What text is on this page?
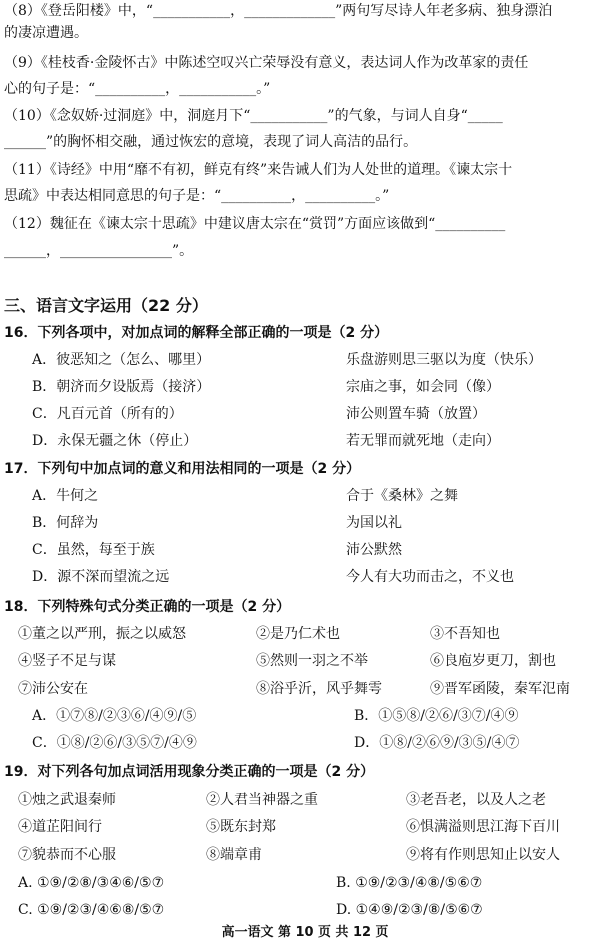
（8）《登岳阳楼》中，“___________，_____________”两句写尽诗人年老多病、独身漂泊
的凄凉遭遇。
（9）《桂枝香·金陵怀古》中陈述空叹兴亡荣辱没有意义，表达词人作为改革家的责任
心的句子是：“__________，___________。”
（10）《念奴娇·过洞庭》中，洞庭月下“___________”的气象，与词人自身“_____
______”的胸怀相交融，通过恢宏的意境，表现了词人高洁的品行。
（11）《诗经》中用“靡不有初，鲜克有终”来告诫人们为人处世的道理。《谏太宗十
思疏》中表达相同意思的句子是：“__________，__________。”
（12）魏征在《谏太宗十思疏》中建议唐太宗在“赏罚”方面应该做到“__________
______，________________”。
三、语言文字运用（22 分）
16．下列各项中，对加点词的解释全部正确的一项是（2 分）
A．彼恶知之（怎么、哪里）	乐盘游则思三驱以为度（快乐）
B．朝济而夕设版焉（接济）	宗庙之事，如会同（像）
C．凡百元首（所有的）	沛公则置车骑（放置）
D．永保无疆之休（停止）	若无罪而就死地（走向）
17．下列句中加点词的意义和用法相同的一项是（2 分）
A．牛何之	合于《桑林》之舞
B．何辞为	为国以礼
C．虽然，每至于族	沛公默然
D．源不深而望流之远	今人有大功而击之，不义也
18．下列特殊句式分类正确的一项是（2 分）
①董之以严刑，振之以威怒	②是乃仁术也	③不吾知也
④竖子不足与谋	⑤然则一羽之不举	⑥良庖岁更刀，割也
⑦沛公安在	⑧浴乎沂，风乎舞雩	⑨晋军函陵，秦军氾南
A．①⑦⑧/②③⑥/④⑨/⑤	B．①⑤⑧/②⑥/③⑦/④⑨
C．①⑧/②⑥/③⑤⑦/④⑨	D．①⑧/②⑥⑨/③⑤/④⑦
19．对下列各句加点词活用现象分类正确的一项是（2 分）
①烛之武退秦师	②人君当神器之重	③老吾老，以及人之老
④道芷阳间行	⑤既东封郑	⑥惧满溢则思江海下百川
⑦貌恭而不心服	⑧端章甫	⑨将有作则思知止以安人
A. ①⑨/②⑧/③④⑥/⑤⑦	B. ①⑨/②③/④⑧/⑤⑥⑦
C. ①⑨/②③/④⑥⑧/⑤⑦	D. ①④⑨/②③/⑧/⑤⑥⑦
高一语文 第 10 页 共 12 页
